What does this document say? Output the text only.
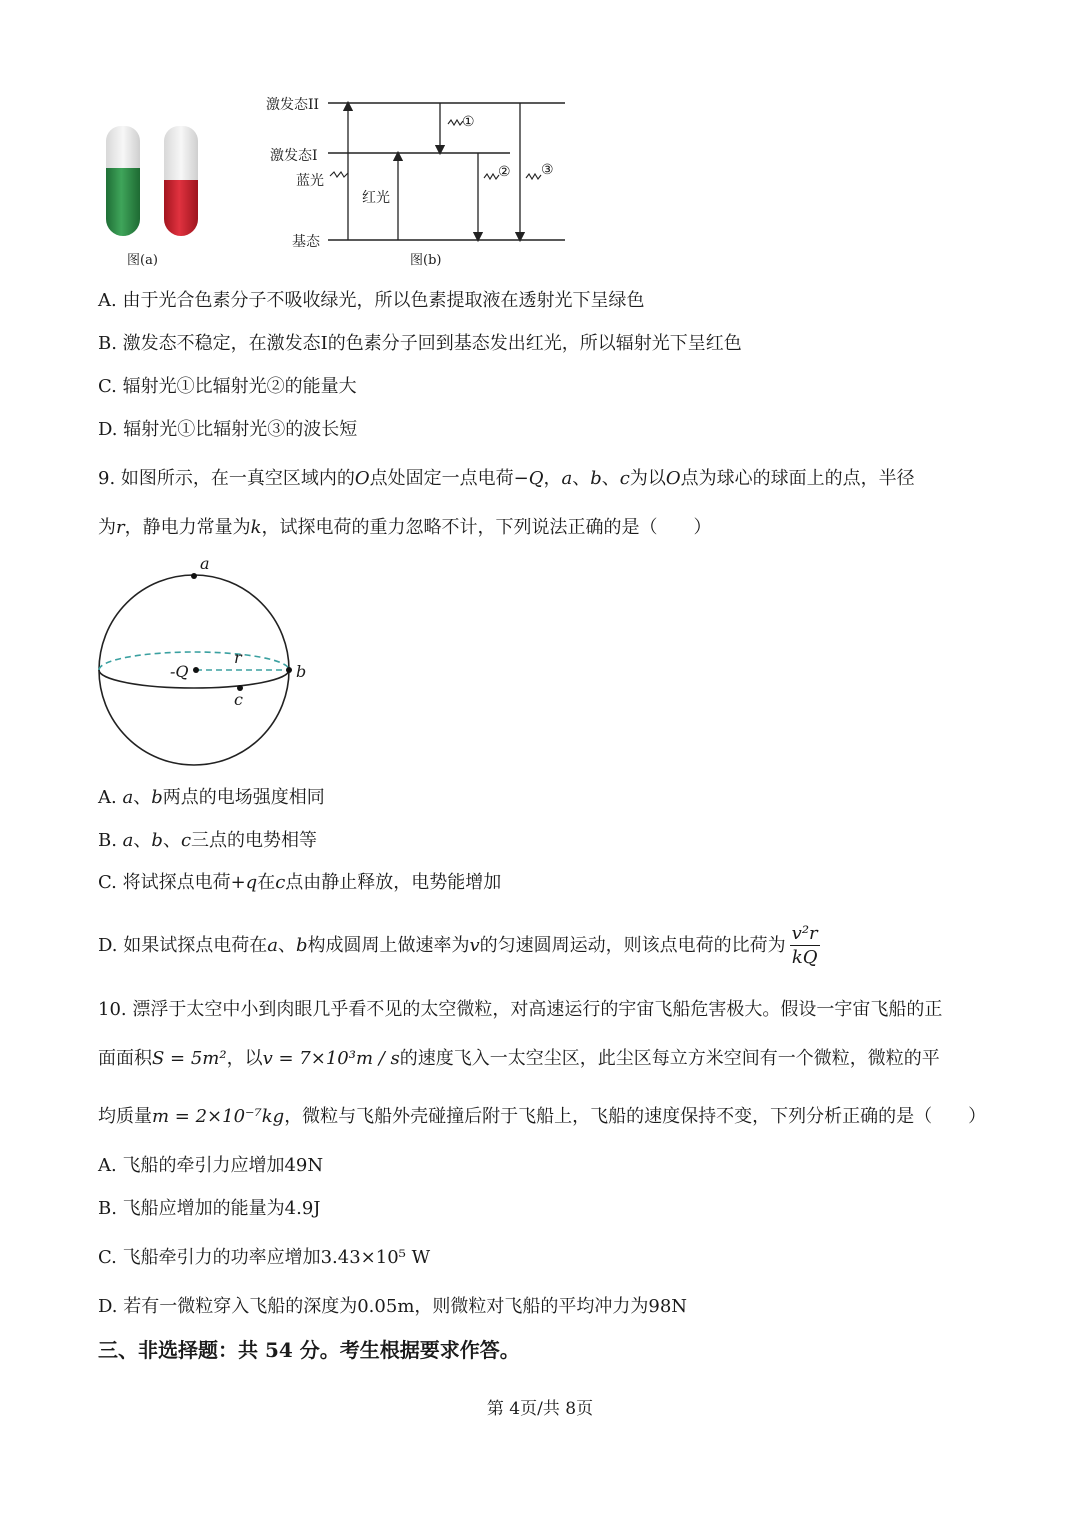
图(a)
激发态II
激发态I
基态
蓝光
红光
①
② ③
图(b)
A. 由于光合色素分子不吸收绿光，所以色素提取液在透射光下呈绿色
B. 激发态不稳定，在激发态I的色素分子回到基态发出红光，所以辐射光下呈红色
C. 辐射光①比辐射光②的能量大
D. 辐射光①比辐射光③的波长短
9. 如图所示，在一真空区域内的O点处固定一点电荷−Q，a、b、c为以O点为球心的球面上的点，半径
为r，静电力常量为k，试探电荷的重力忽略不计，下列说法正确的是（　　）
a
b
c
r
-Q
A. a、b两点的电场强度相同
B. a、b、c三点的电势相等
C. 将试探点电荷+q在c点由静止释放，电势能增加
D. 如果试探点电荷在a、b构成圆周上做速率为v的匀速圆周运动，则该点电荷的比荷为 $\frac{\text{v²r}}{kQ}$
10. 漂浮于太空中小到肉眼几乎看不见的太空微粒，对高速运行的宇宙飞船危害极大。假设一宇宙飞船的正
面面积S = 5m²，以v = 7×10³m / s的速度飞入一太空尘区，此尘区每立方米空间有一个微粒，微粒的平
均质量m = 2×10⁻⁷kg，微粒与飞船外壳碰撞后附于飞船上，飞船的速度保持不变，下列分析正确的是（　　）
A. 飞船的牵引力应增加49N
B. 飞船应增加的能量为4.9J
C. 飞船牵引力的功率应增加3.43×10⁵ W
D. 若有一微粒穿入飞船的深度为0.05m，则微粒对飞船的平均冲力为98N
三、非选择题：共 54 分。考生根据要求作答。
第 4页/共 8页
